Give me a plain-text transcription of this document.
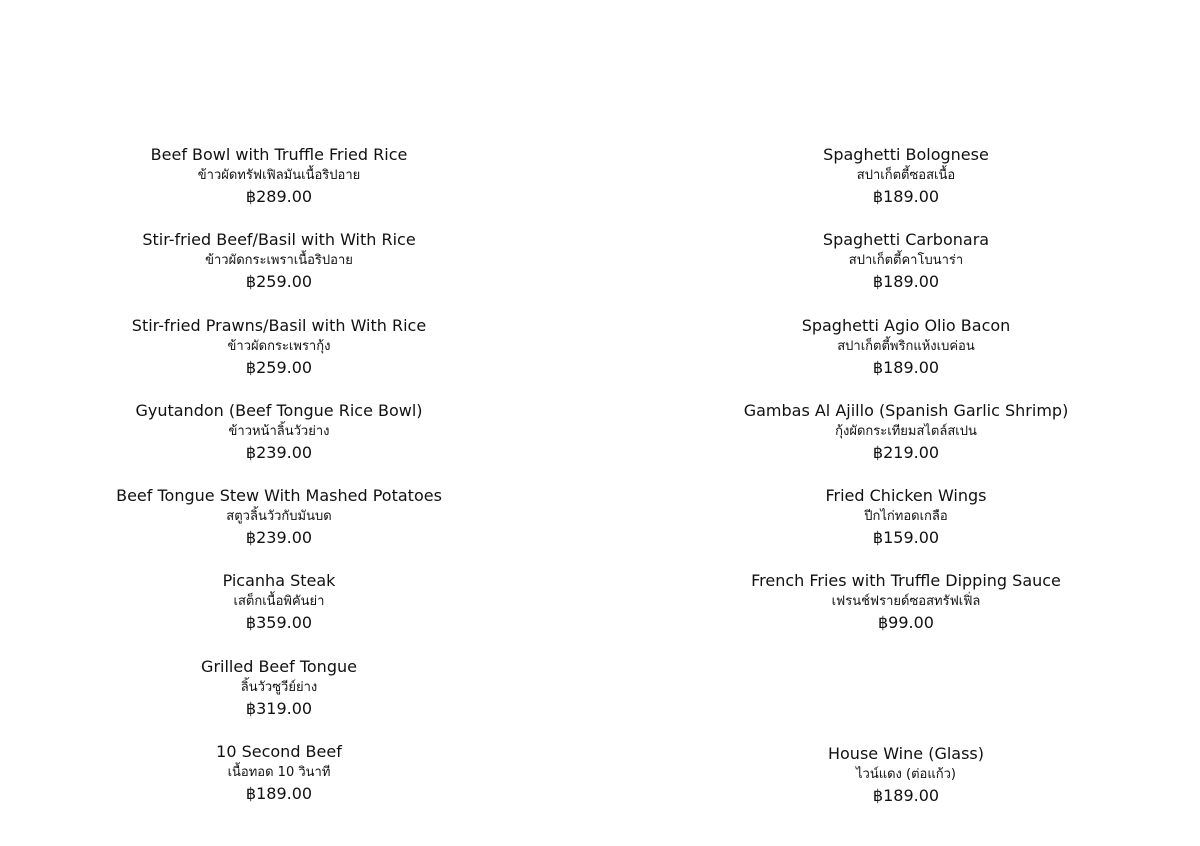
Beef Bowl with Truffle Fried Rice
ข้าวผัดทรัฟเฟิลมันเนื้อริปอาย
฿289.00
Stir-fried Beef/Basil with With Rice
ข้าวผัดกระเพราเนื้อริปอาย
฿259.00
Stir-fried Prawns/Basil with With Rice
ข้าวผัดกระเพรากุ้ง
฿259.00
Gyutandon (Beef Tongue Rice Bowl)
ข้าวหน้าลิ้นวัวย่าง
฿239.00
Beef Tongue Stew With Mashed Potatoes
สตูวลิ้นวัวกับมันบด
฿239.00
Picanha Steak
เสต็กเนื้อพิคันย่า
฿359.00
Grilled Beef Tongue
ลิ้นวัวซูวีย์ย่าง
฿319.00
10 Second Beef
เนื้อทอด 10 วินาที
฿189.00
Spaghetti Bolognese
สปาเก็ตตี้ซอสเนื้อ
฿189.00
Spaghetti Carbonara
สปาเก็ตตี้คาโบนาร่า
฿189.00
Spaghetti Agio Olio Bacon
สปาเก็ตตี้พริกแห้งเบค่อน
฿189.00
Gambas Al Ajillo (Spanish Garlic Shrimp)
กุ้งผัดกระเทียมสไตล์สเปน
฿219.00
Fried Chicken Wings
ปีกไก่ทอดเกลือ
฿159.00
French Fries with Truffle Dipping Sauce
เฟรนช์ฟรายด์ซอสทรัฟเฟิ่ล
฿99.00
House Wine (Glass)
ไวน์แดง (ต่อแก้ว)
฿189.00
